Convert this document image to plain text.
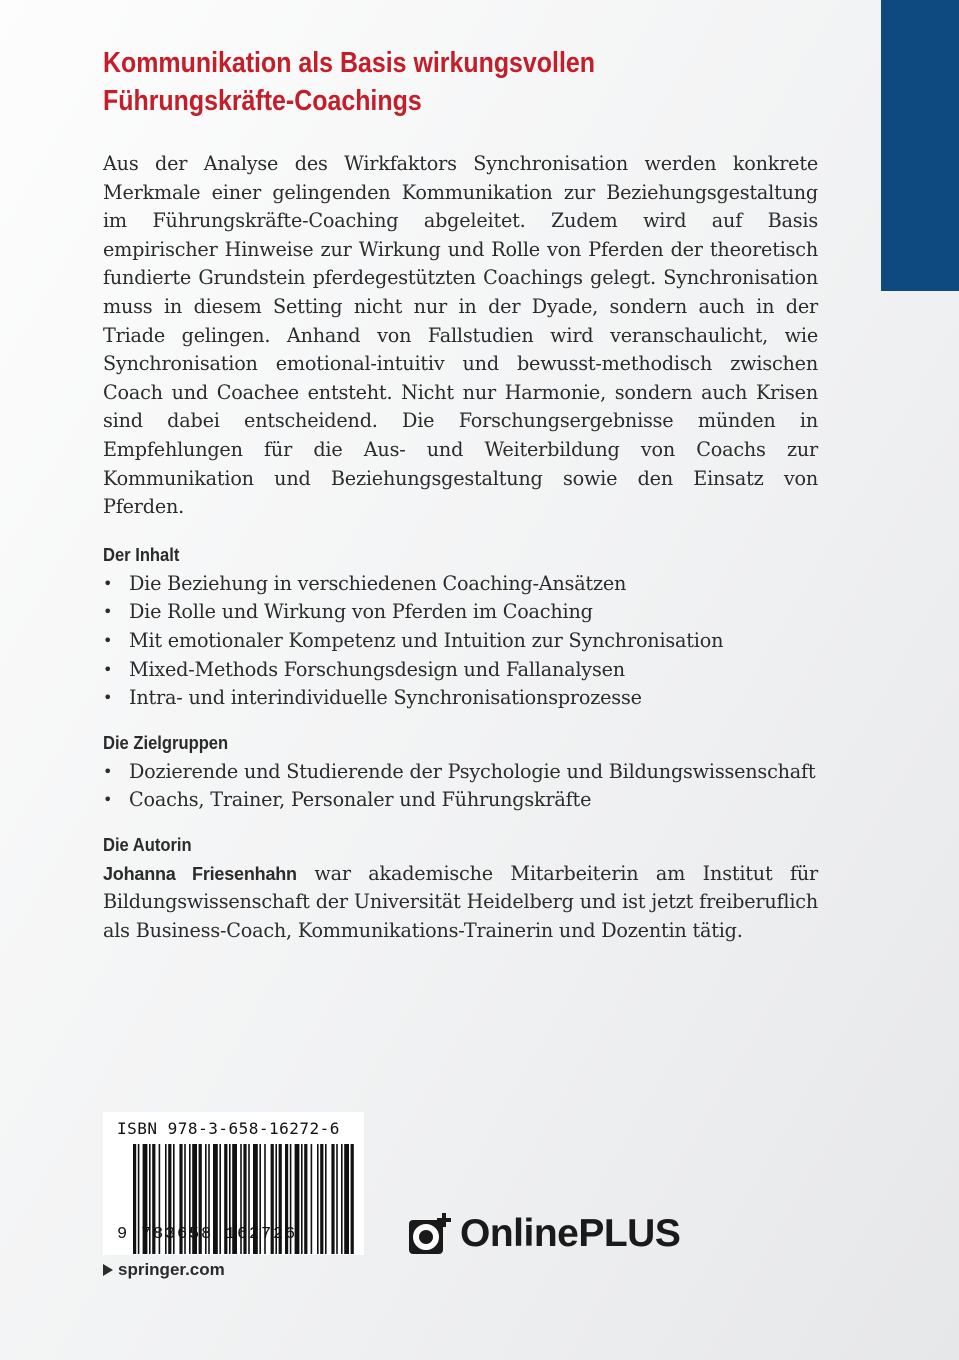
Kommunikation als Basis wirkungsvollen
Führungskräfte-Coachings

Aus der Analyse des Wirkfaktors Synchronisation werden konkrete Merkmale einer gelingenden Kommunikation zur Beziehungsgestaltung im Führungskräfte-Coaching abgeleitet. Zudem wird auf Basis empirischer Hinweise zur Wirkung und Rolle von Pferden der theoretisch fundierte Grundstein pferdegestützten Coachings gelegt. Synchronisation muss in diesem Setting nicht nur in der Dyade, sondern auch in der Triade gelingen. Anhand von Fallstudien wird veranschaulicht, wie Synchronisation emotional-intuitiv und bewusst-methodisch zwischen Coach und Coachee entsteht. Nicht nur Harmonie, sondern auch Krisen sind dabei entscheidend. Die Forschungsergebnisse münden in Empfehlungen für die Aus- und Weiterbildung von Coachs zur Kommunikation und Beziehungsgestaltung sowie den Einsatz von Pferden.

Der Inhalt
• Die Beziehung in verschiedenen Coaching-Ansätzen
• Die Rolle und Wirkung von Pferden im Coaching
• Mit emotionaler Kompetenz und Intuition zur Synchronisation
• Mixed-Methods Forschungsdesign und Fallanalysen
• Intra- und interindividuelle Synchronisationsprozesse
Die Zielgruppen
• Dozierende und Studierende der Psychologie und Bildungswissenschaft
• Coachs, Trainer, Personaler und Führungskräfte
Die Autorin

Johanna Friesenhahn war akademische Mitarbeiterin am Institut für Bildungswissenschaft der Universität Heidelberg und ist jetzt freiberuflich als Business-Coach, Kommunikations-Trainerin und Dozentin tätig.

ISBN 978-3-658-16272-6
9 783658 162726	OnlinePLUS
springer.com
